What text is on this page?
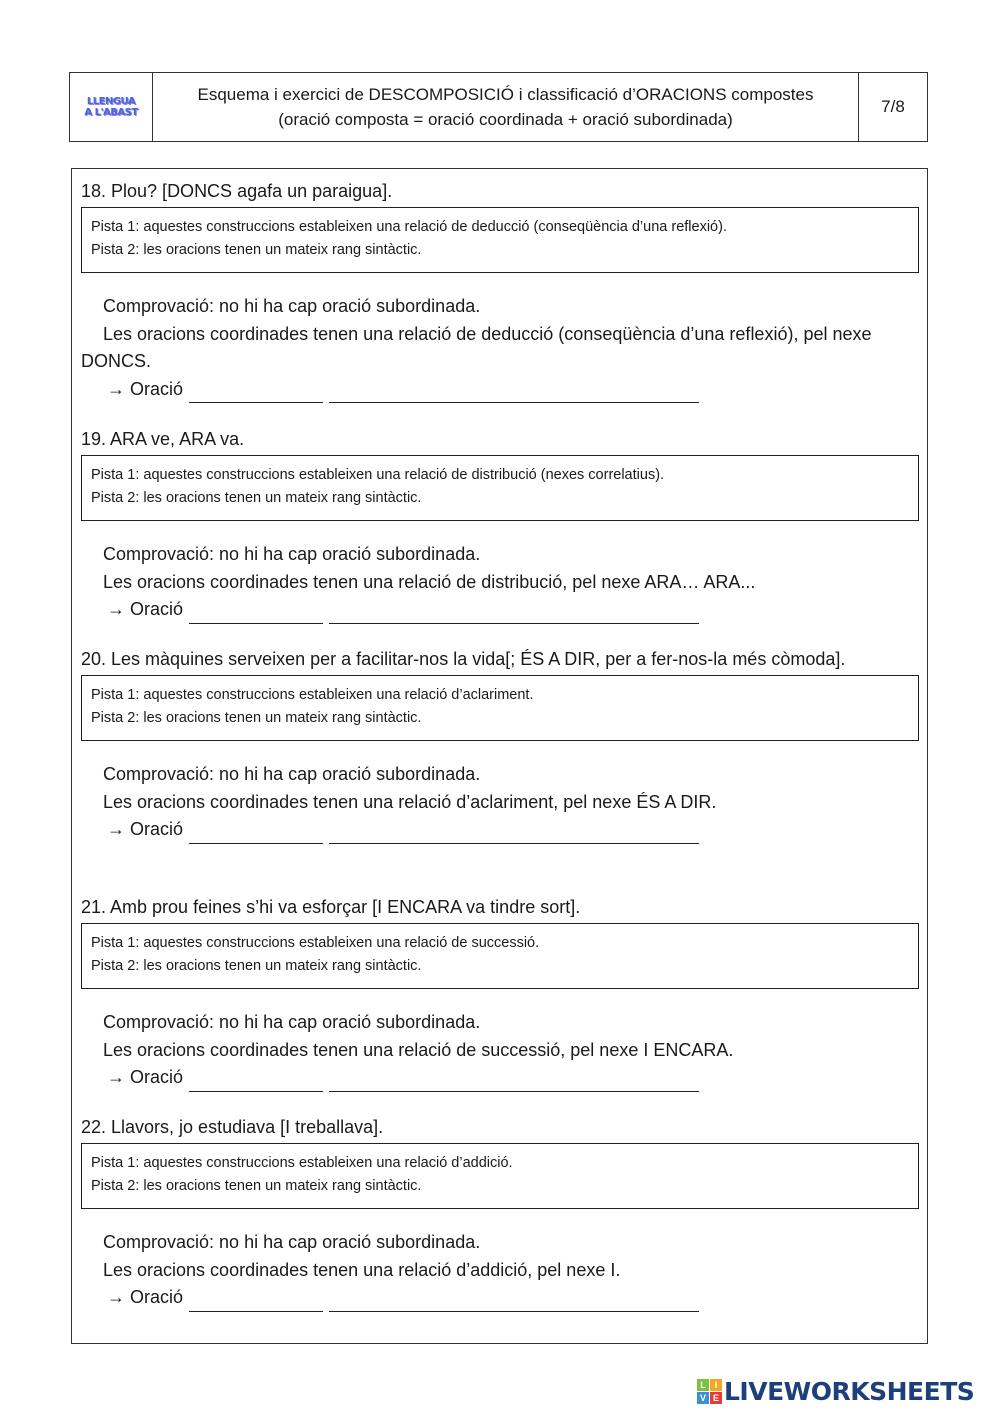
LLENGUA
A L'ABAST
Esquema i exercici de DESCOMPOSICIÓ i classificació d’ORACIONS compostes
(oració composta = oració coordinada + oració subordinada)
7/8
18. Plou? [DONCS agafa un paraigua].
Pista 1: aquestes construccions estableixen una relació de deducció (conseqüència d’una reflexió).
Pista 2: les oracions tenen un mateix rang sintàctic.
Comprovació: no hi ha cap oració subordinada.
Les oracions coordinades tenen una relació de deducció (conseqüència d’una reflexió), pel nexe DONCS.
→ Oració
19. ARA ve, ARA va.
Pista 1: aquestes construccions estableixen una relació de distribució (nexes correlatius).
Pista 2: les oracions tenen un mateix rang sintàctic.
Comprovació: no hi ha cap oració subordinada.
Les oracions coordinades tenen una relació de distribució, pel nexe ARA… ARA...
→ Oració
20. Les màquines serveixen per a facilitar-nos la vida[; ÉS A DIR, per a fer-nos-la més còmoda].
Pista 1: aquestes construccions estableixen una relació d’aclariment.
Pista 2: les oracions tenen un mateix rang sintàctic.
Comprovació: no hi ha cap oració subordinada.
Les oracions coordinades tenen una relació d’aclariment, pel nexe ÉS A DIR.
→ Oració
21. Amb prou feines s’hi va esforçar [I ENCARA va tindre sort].
Pista 1: aquestes construccions estableixen una relació de successió.
Pista 2: les oracions tenen un mateix rang sintàctic.
Comprovació: no hi ha cap oració subordinada.
Les oracions coordinades tenen una relació de successió, pel nexe I ENCARA.
→ Oració
22. Llavors, jo estudiava [I treballava].
Pista 1: aquestes construccions estableixen una relació d’addició.
Pista 2: les oracions tenen un mateix rang sintàctic.
Comprovació: no hi ha cap oració subordinada.
Les oracions coordinades tenen una relació d’addició, pel nexe I.
→ Oració
L I
V E LIVEWORKSHEETS
